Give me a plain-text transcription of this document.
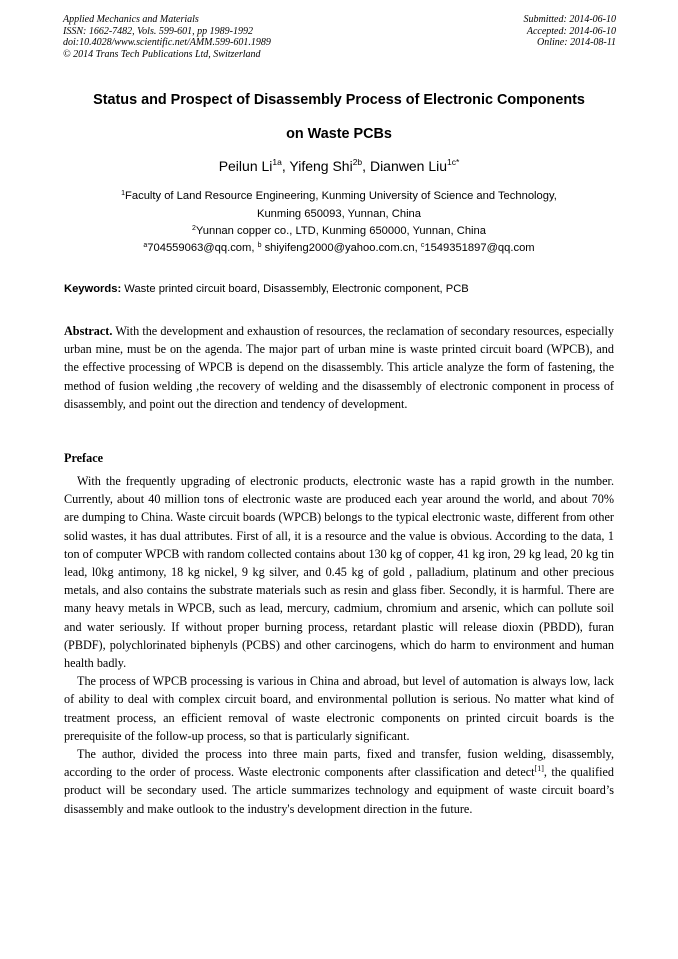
Applied Mechanics and Materials
ISSN: 1662-7482, Vols. 599-601, pp 1989-1992
doi:10.4028/www.scientific.net/AMM.599-601.1989
© 2014 Trans Tech Publications Ltd, Switzerland
Submitted: 2014-06-10
Accepted: 2014-06-10
Online: 2014-08-11
Status and Prospect of Disassembly Process of Electronic Components
on Waste PCBs
Peilun $Li^{1a}$, Yifeng Shi$^{2b}$, Dianwen Liu$^{1c*}$
$^1$Faculty of Land Resource Engineering, Kunming University of Science and Technology,
Kunming 650093, Yunnan, China
$^2$Yunnan copper co., LTD, Kunming 650000, Yunnan, China
$^a$704559063@qq.com, $^b$ shiyifeng2000@yahoo.com.cn, $^c$1549351897@qq.com
Keywords: Waste printed circuit board, Disassembly, Electronic component, PCB
Abstract. With the development and exhaustion of resources, the reclamation of secondary resources, especially urban mine, must be on the agenda. The major part of urban mine is waste printed circuit board (WPCB), and the effective processing of WPCB is depend on the disassembly. This article analyze the form of fastening, the method of fusion welding ,the recovery of welding and the disassembly of electronic component in process of disassembly, and point out the direction and tendency of development.
Preface

With the frequently upgrading of electronic products, electronic waste has a rapid growth in the number. Currently, about 40 million tons of electronic waste are produced each year around the world, and about 70% are dumping to China. Waste circuit boards (WPCB) belongs to the typical electronic waste, different from other solid wastes, it has dual attributes. First of all, it is a resource and the value is obvious. According to the data, 1 ton of computer WPCB with random collected contains about 130 kg of copper, 41 kg iron, 29 kg lead, 20 kg tin lead, l0kg antimony, 18 kg nickel, 9 kg silver, and 0.45 kg of gold , palladium, platinum and other precious metals, and also contains the substrate materials such as resin and glass fiber. Secondly, it is harmful. There are many heavy metals in WPCB, such as lead, mercury, cadmium, chromium and arsenic, which can pollute soil and water seriously. If without proper burning process, retardant plastic will release dioxin (PBDD), furan (PBDF), polychlorinated biphenyls (PCBS) and other carcinogens, which do harm to environment and human health badly.

The process of WPCB processing is various in China and abroad, but level of automation is always low, lack of ability to deal with complex circuit board, and environmental pollution is serious. No matter what kind of treatment process, an efficient removal of waste electronic components on printed circuit boards is the prerequisite of the follow-up process, so that is particularly significant.

The author, divided the process into three main parts, fixed and transfer, fusion welding, disassembly, according to the order of process. Waste electronic components after classification and detect[1], the qualified product will be secondary used. The article summarizes technology and equipment of waste circuit board’s disassembly and make outlook to the industry's development direction in the future.
